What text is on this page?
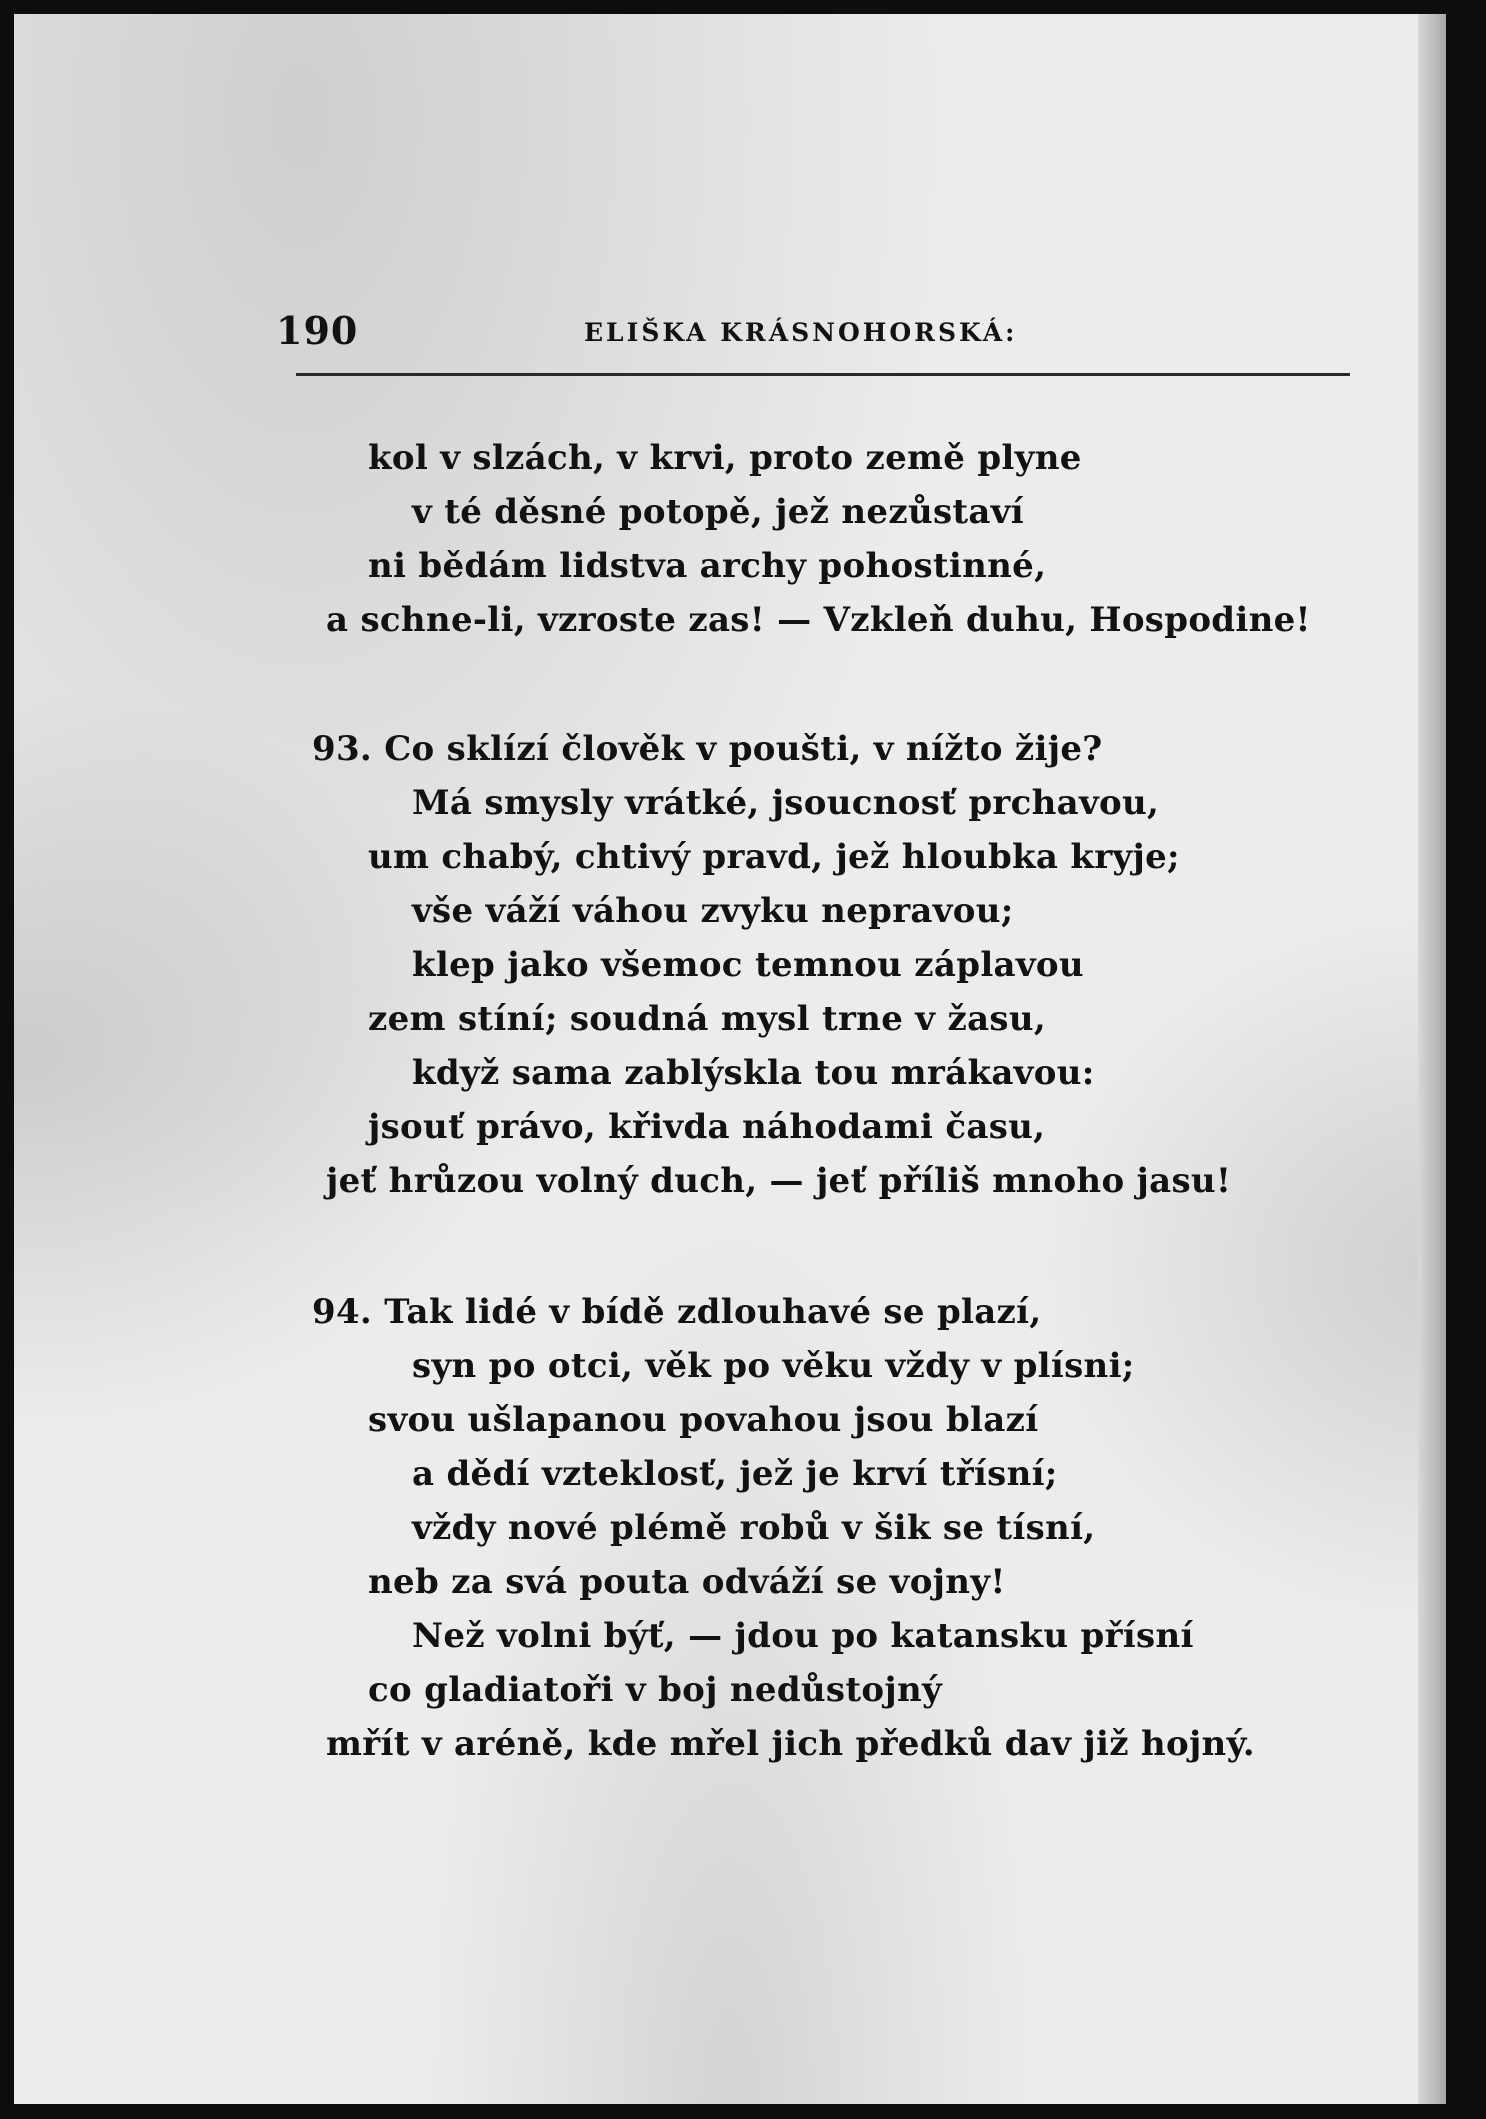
190	ELIŠKA KRÁSNOHORSKÁ:
kol v slzách, v krvi, proto země plyne
v té děsné potopě, jež nezůstaví
ni bědám lidstva archy pohostinné,
a schne-li, vzroste zas! — Vzkleň duhu, Hospodine!
93. Co sklízí člověk v poušti, v nížto žije?
Má smysly vrátké, jsoucnosť prchavou,
um chabý, chtivý pravd, jež hloubka kryje;
vše váží váhou zvyku nepravou;
klep jako všemoc temnou záplavou
zem stíní; soudná mysl trne v žasu,
když sama zablýskla tou mrákavou:
jsouť právo, křivda náhodami času,
jeť hrůzou volný duch, — jeť příliš mnoho jasu!
94. Tak lidé v bídě zdlouhavé se plazí,
syn po otci, věk po věku vždy v plísni;
svou ušlapanou povahou jsou blazí
a dědí vzteklosť, jež je krví třísní;
vždy nové plémě robů v šik se tísní,
neb za svá pouta odváží se vojny!
Než volni býť, — jdou po katansku přísní
co gladiatoři v boj nedůstojný
mřít v aréně, kde mřel jich předků dav již hojný.
